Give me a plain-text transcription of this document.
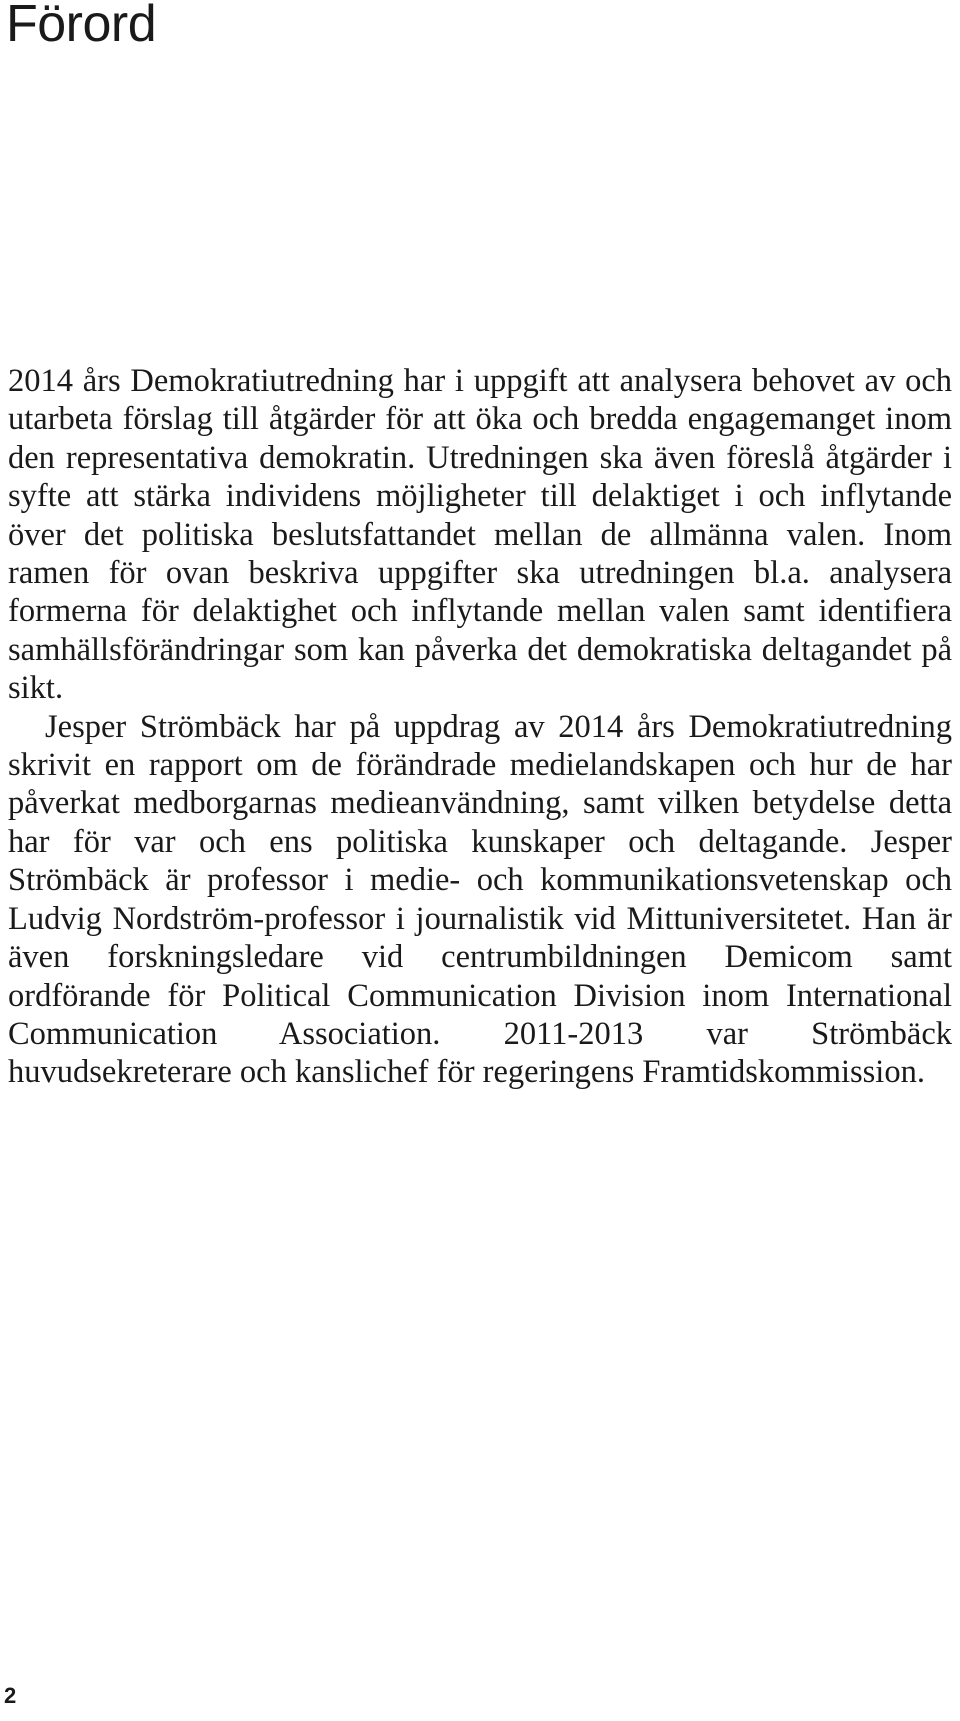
Förord

2014 års Demokratiutredning har i uppgift att analysera behovet av och utarbeta förslag till åtgärder för att öka och bredda engagemanget inom den representativa demokratin. Utredningen ska även föreslå åtgärder i syfte att stärka individens möjligheter till delaktiget i och inflytande över det politiska beslutsfattandet mellan de allmänna valen. Inom ramen för ovan beskriva uppgifter ska utredningen bl.a. analysera formerna för delaktighet och inflytande mellan valen samt identifiera samhällsförändringar som kan påverka det demokratiska deltagandet på sikt.

Jesper Strömbäck har på uppdrag av 2014 års Demokratiutredning skrivit en rapport om de förändrade medielandskapen och hur de har påverkat medborgarnas medieanvändning, samt vilken betydelse detta har för var och ens politiska kunskaper och deltagande. Jesper Strömbäck är professor i medie- och kommunikationsvetenskap och Ludvig Nordström-professor i journalistik vid Mittuniversitetet. Han är även forskningsledare vid centrumbildningen Demicom samt ordförande för Political Communication Division inom International Communication Association. 2011-2013 var Strömbäck huvudsekreterare och kanslichef för regeringens Framtidskommission.

2
